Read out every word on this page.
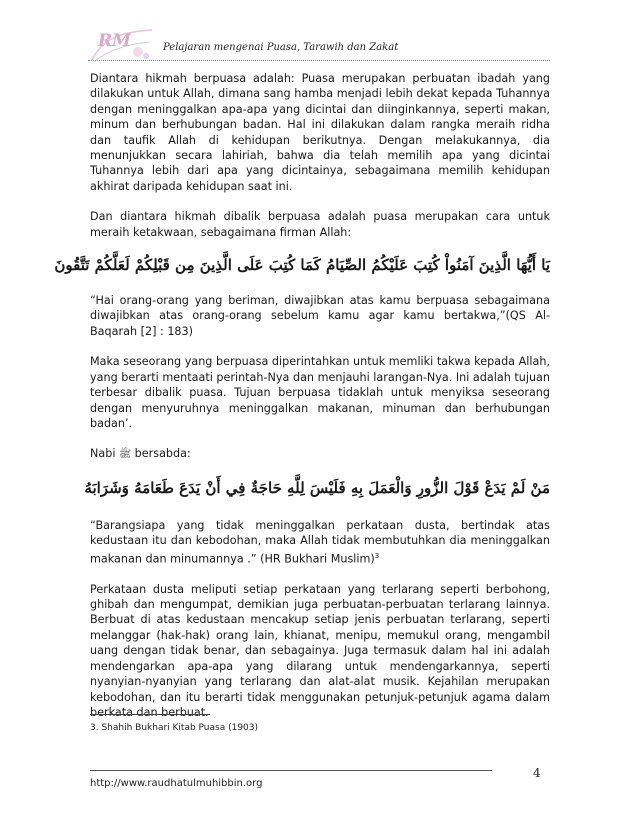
RM	Pelajaran mengenai Puasa, Tarawih dan Zakat

Diantara hikmah berpuasa adalah: Puasa merupakan perbuatan ibadah yang dilakukan untuk Allah, dimana sang hamba menjadi lebih dekat kepada Tuhannya dengan meninggalkan apa-apa yang dicintai dan diinginkannya, seperti makan, minum dan berhubungan badan. Hal ini dilakukan dalam rangka meraih ridha dan taufik Allah di kehidupan berikutnya. Dengan melakukannya, dia menunjukkan secara lahiriah, bahwa dia telah memilih apa yang dicintai Tuhannya lebih dari apa yang dicintainya, sebagaimana memilih kehidupan akhirat daripada kehidupan saat ini.

Dan diantara hikmah dibalik berpuasa adalah puasa merupakan cara untuk meraih ketakwaan, sebagaimana firman Allah:

يَا أَيُّهَا الَّذِينَ آمَنُواْ كُتِبَ عَلَيْكُمُ الصِّيَامُ كَمَا كُتِبَ عَلَى الَّذِينَ مِن قَبْلِكُمْ لَعَلَّكُمْ تَتَّقُونَ

“Hai orang-orang yang beriman, diwajibkan atas kamu berpuasa sebagaimana diwajibkan atas orang-orang sebelum kamu agar kamu bertakwa,”(QS Al-Baqarah [2] : 183)

Maka seseorang yang berpuasa diperintahkan untuk memliki takwa kepada Allah, yang berarti mentaati perintah-Nya dan menjauhi larangan-Nya. Ini adalah tujuan terbesar dibalik puasa. Tujuan berpuasa tidaklah untuk menyiksa seseorang dengan menyuruhnya meninggalkan makanan, minuman dan berhubungan badan’.

Nabi ﷺ bersabda:

مَنْ لَمْ يَدَعْ قَوْلَ الزُّورِ وَالْعَمَلَ بِهِ فَلَيْسَ لِلَّهِ حَاجَةٌ فِي أَنْ يَدَعَ طَعَامَهُ وَشَرَابَهُ

“Barangsiapa yang tidak meninggalkan perkataan dusta, bertindak atas kedustaan itu dan kebodohan, maka Allah tidak membutuhkan dia meninggalkan makanan dan minumannya .” (HR Bukhari Muslim)$^3$

Perkataan dusta meliputi setiap perkataan yang terlarang seperti berbohong, ghibah dan mengumpat, demikian juga perbuatan-perbuatan terlarang lainnya. Berbuat di atas kedustaan mencakup setiap jenis perbuatan terlarang, seperti melanggar (hak-hak) orang lain, khianat, menipu, memukul orang, mengambil uang dengan tidak benar, dan sebagainya. Juga termasuk dalam hal ini adalah mendengarkan apa-apa yang dilarang untuk mendengarkannya, seperti nyanyian-nyanyian yang terlarang dan alat-alat musik. Kejahilan merupakan kebodohan, dan itu berarti tidak menggunakan petunjuk-petunjuk agama dalam berkata dan berbuat.

3. Shahih Bukhari Kitab Puasa (1903)
http://www.raudhatulmuhibbin.org
4
